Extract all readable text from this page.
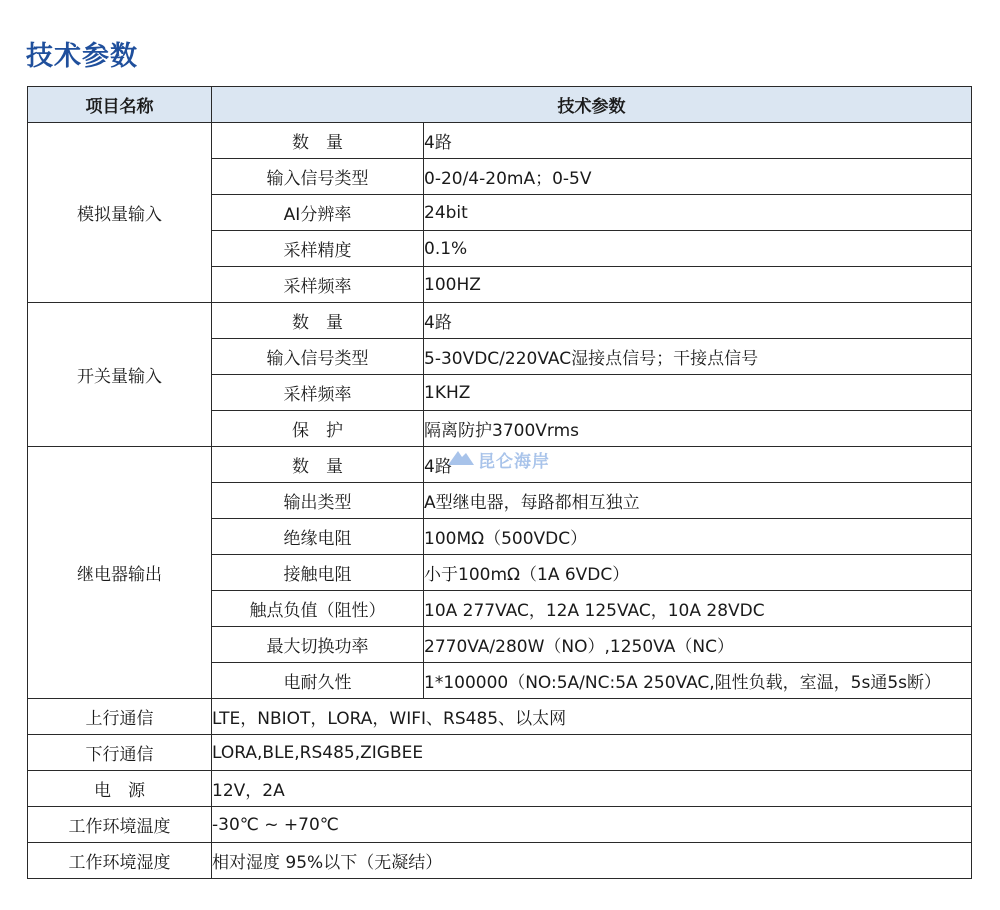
技术参数
项目名称	技术参数	
模拟量输入	数　量	4路
	输入信号类型	0-20/4-20mA；0-5V
	AI分辨率	24bit
	采样精度	0.1%
	采样频率	100HZ
开关量输入	数　量	4路
	输入信号类型	5-30VDC/220VAC湿接点信号；干接点信号
	采样频率	1KHZ
	保　护	隔离防护3700Vrms
继电器输出	数　量	4路
	输出类型	A型继电器，每路都相互独立
	绝缘电阻	100MΩ（500VDC）
	接触电阻	小于100mΩ（1A 6VDC）
	触点负值（阻性）	10A 277VAC，12A 125VAC，10A 28VDC
	最大切换功率	2770VA/280W（NO）,1250VA（NC）
	电耐久性	1*100000（NO:5A/NC:5A 250VAC,阻性负载，室温，5s通5s断）
上行通信	LTE，NBIOT，LORA，WIFI、RS485、以太网	
下行通信	LORA,BLE,RS485,ZIGBEE	
电　源	12V，2A	
工作环境温度	-30℃ ~ +70℃	
工作环境湿度	相对湿度 95%以下（无凝结）	
昆仑海岸
